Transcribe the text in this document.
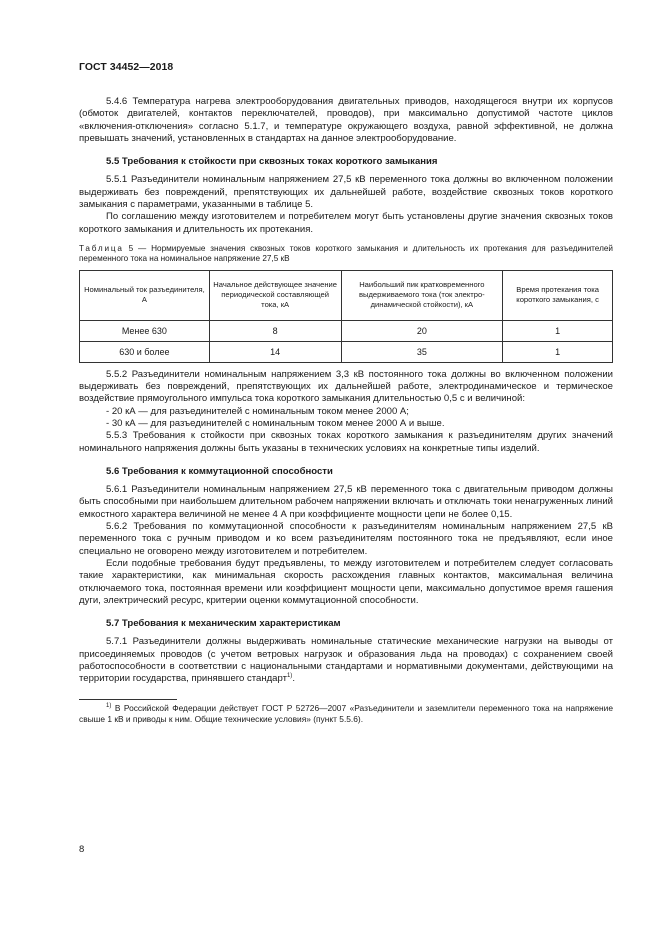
ГОСТ 34452—2018

5.4.6 Температура нагрева электрооборудования двигательных приводов, находящегося внутри их корпусов (обмоток двигателей, контактов переключателей, проводов), при максимально допустимой частоте циклов «включения-отключения» согласно 5.1.7, и температуре окружающего воздуха, равной эффективной, не должна превышать значений, установленных в стандартах на данное электрооборудование.

5.5 Требования к стойкости при сквозных токах короткого замыкания

5.5.1 Разъединители номинальным напряжением 27,5 кВ переменного тока должны во включенном положении выдерживать без повреждений, препятствующих их дальнейшей работе, воздействие сквозных токов короткого замыкания с параметрами, указанными в таблице 5.

По соглашению между изготовителем и потребителем могут быть установлены другие значения сквозных токов короткого замыкания и длительность их протекания.

Таблица 5 — Нормируемые значения сквозных токов короткого замыкания и длительность их протекания для разъединителей переменного тока на номинальное напряжение 27,5 кВ

Номинальный ток разъединителя, А	Начальное действующее значение периодической составляющей тока, кА	Наибольший пик кратковременного выдерживаемого тока (ток электро-динамической стойкости), кА	Время протекания тока короткого замыкания, с
Менее 630	8	20	1
630 и более	14	35	1

5.5.2 Разъединители номинальным напряжением 3,3 кВ постоянного тока должны во включенном положении выдерживать без повреждений, препятствующих их дальнейшей работе, электродинамическое и термическое воздействие прямоугольного импульса тока короткого замыкания длительностью 0,5 с и величиной:

- 20 кА — для разъединителей с номинальным током менее 2000 А;

- 30 кА — для разъединителей с номинальным током менее 2000 А и выше.

5.5.3 Требования к стойкости при сквозных токах короткого замыкания к разъединителям других значений номинального напряжения должны быть указаны в технических условиях на конкретные типы изделий.

5.6 Требования к коммутационной способности

5.6.1 Разъединители номинальным напряжением 27,5 кВ переменного тока с двигательным приводом должны быть способными при наибольшем длительном рабочем напряжении включать и отключать токи ненагруженных линий емкостного характера величиной не менее 4 А при коэффициенте мощности цепи не более 0,15.

5.6.2 Требования по коммутационной способности к разъединителям номинальным напряжением 27,5 кВ переменного тока с ручным приводом и ко всем разъединителям постоянного тока не предъявляют, если иное специально не оговорено между изготовителем и потребителем.

Если подобные требования будут предъявлены, то между изготовителем и потребителем следует согласовать такие характеристики, как минимальная скорость расхождения главных контактов, максимальная величина отключаемого тока, постоянная времени или коэффициент мощности цепи, максимально допустимое время гашения дуги, электрический ресурс, критерии оценки коммутационной способности.

5.7 Требования к механическим характеристикам

5.7.1 Разъединители должны выдерживать номинальные статические механические нагрузки на выводы от присоединяемых проводов (с учетом ветровых нагрузок и образования льда на проводах) с сохранением своей работоспособности в соответствии с национальными стандартами и нормативными документами, действующими на территории государства, принявшего стандарт$^{1)}$.

$^{1)}$ В Российской Федерации действует ГОСТ Р 52726—2007 «Разъединители и заземлители переменного тока на напряжение свыше 1 кВ и приводы к ним. Общие технические условия» (пункт 5.5.6).

8
